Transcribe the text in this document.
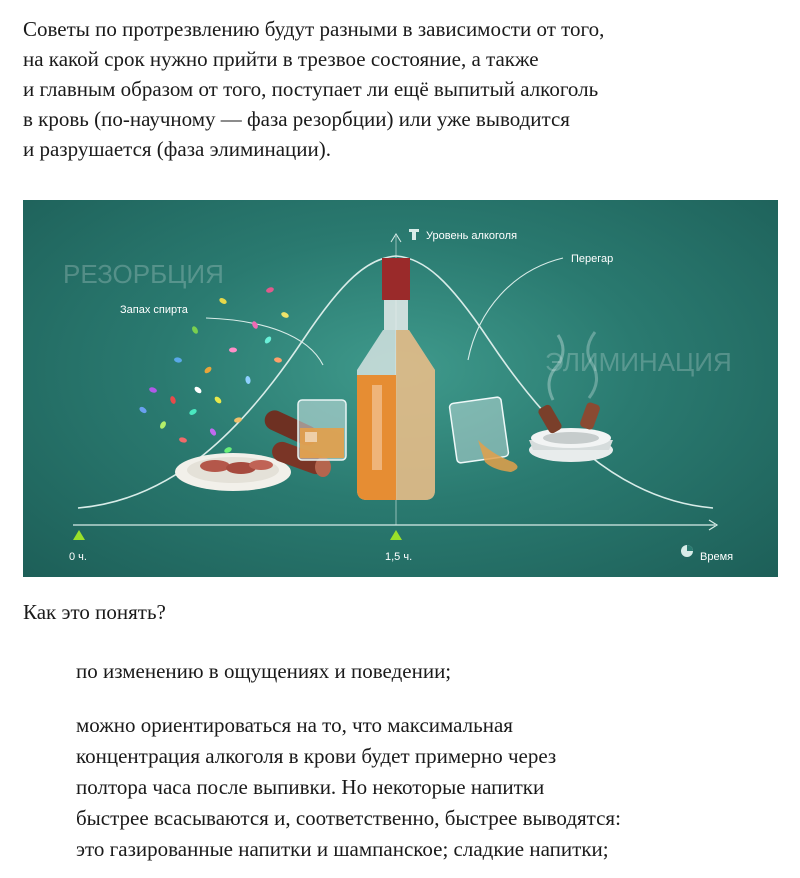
Советы по протрезвлению будут разными в зависимости от того,
на какой срок нужно прийти в трезвое состояние, а также
и главным образом от того, поступает ли ещё выпитый алкоголь
в кровь (по-научному — фаза резорбции) или уже выводится
и разрушается (фаза элиминации).

РЕЗОРБЦИЯ
ЭЛИМИНАЦИЯ
Уровень алкоголя
Запах спирта
Перегар
0 ч.	1,5 ч.	Время

Как это понять?

по изменению в ощущениях и поведении;

можно ориентироваться на то, что максимальная
концентрация алкоголя в крови будет примерно через
полтора часа после выпивки. Но некоторые напитки
быстрее всасываются и, соответственно, быстрее выводятся:
это газированные напитки и шампанское; сладкие напитки;
